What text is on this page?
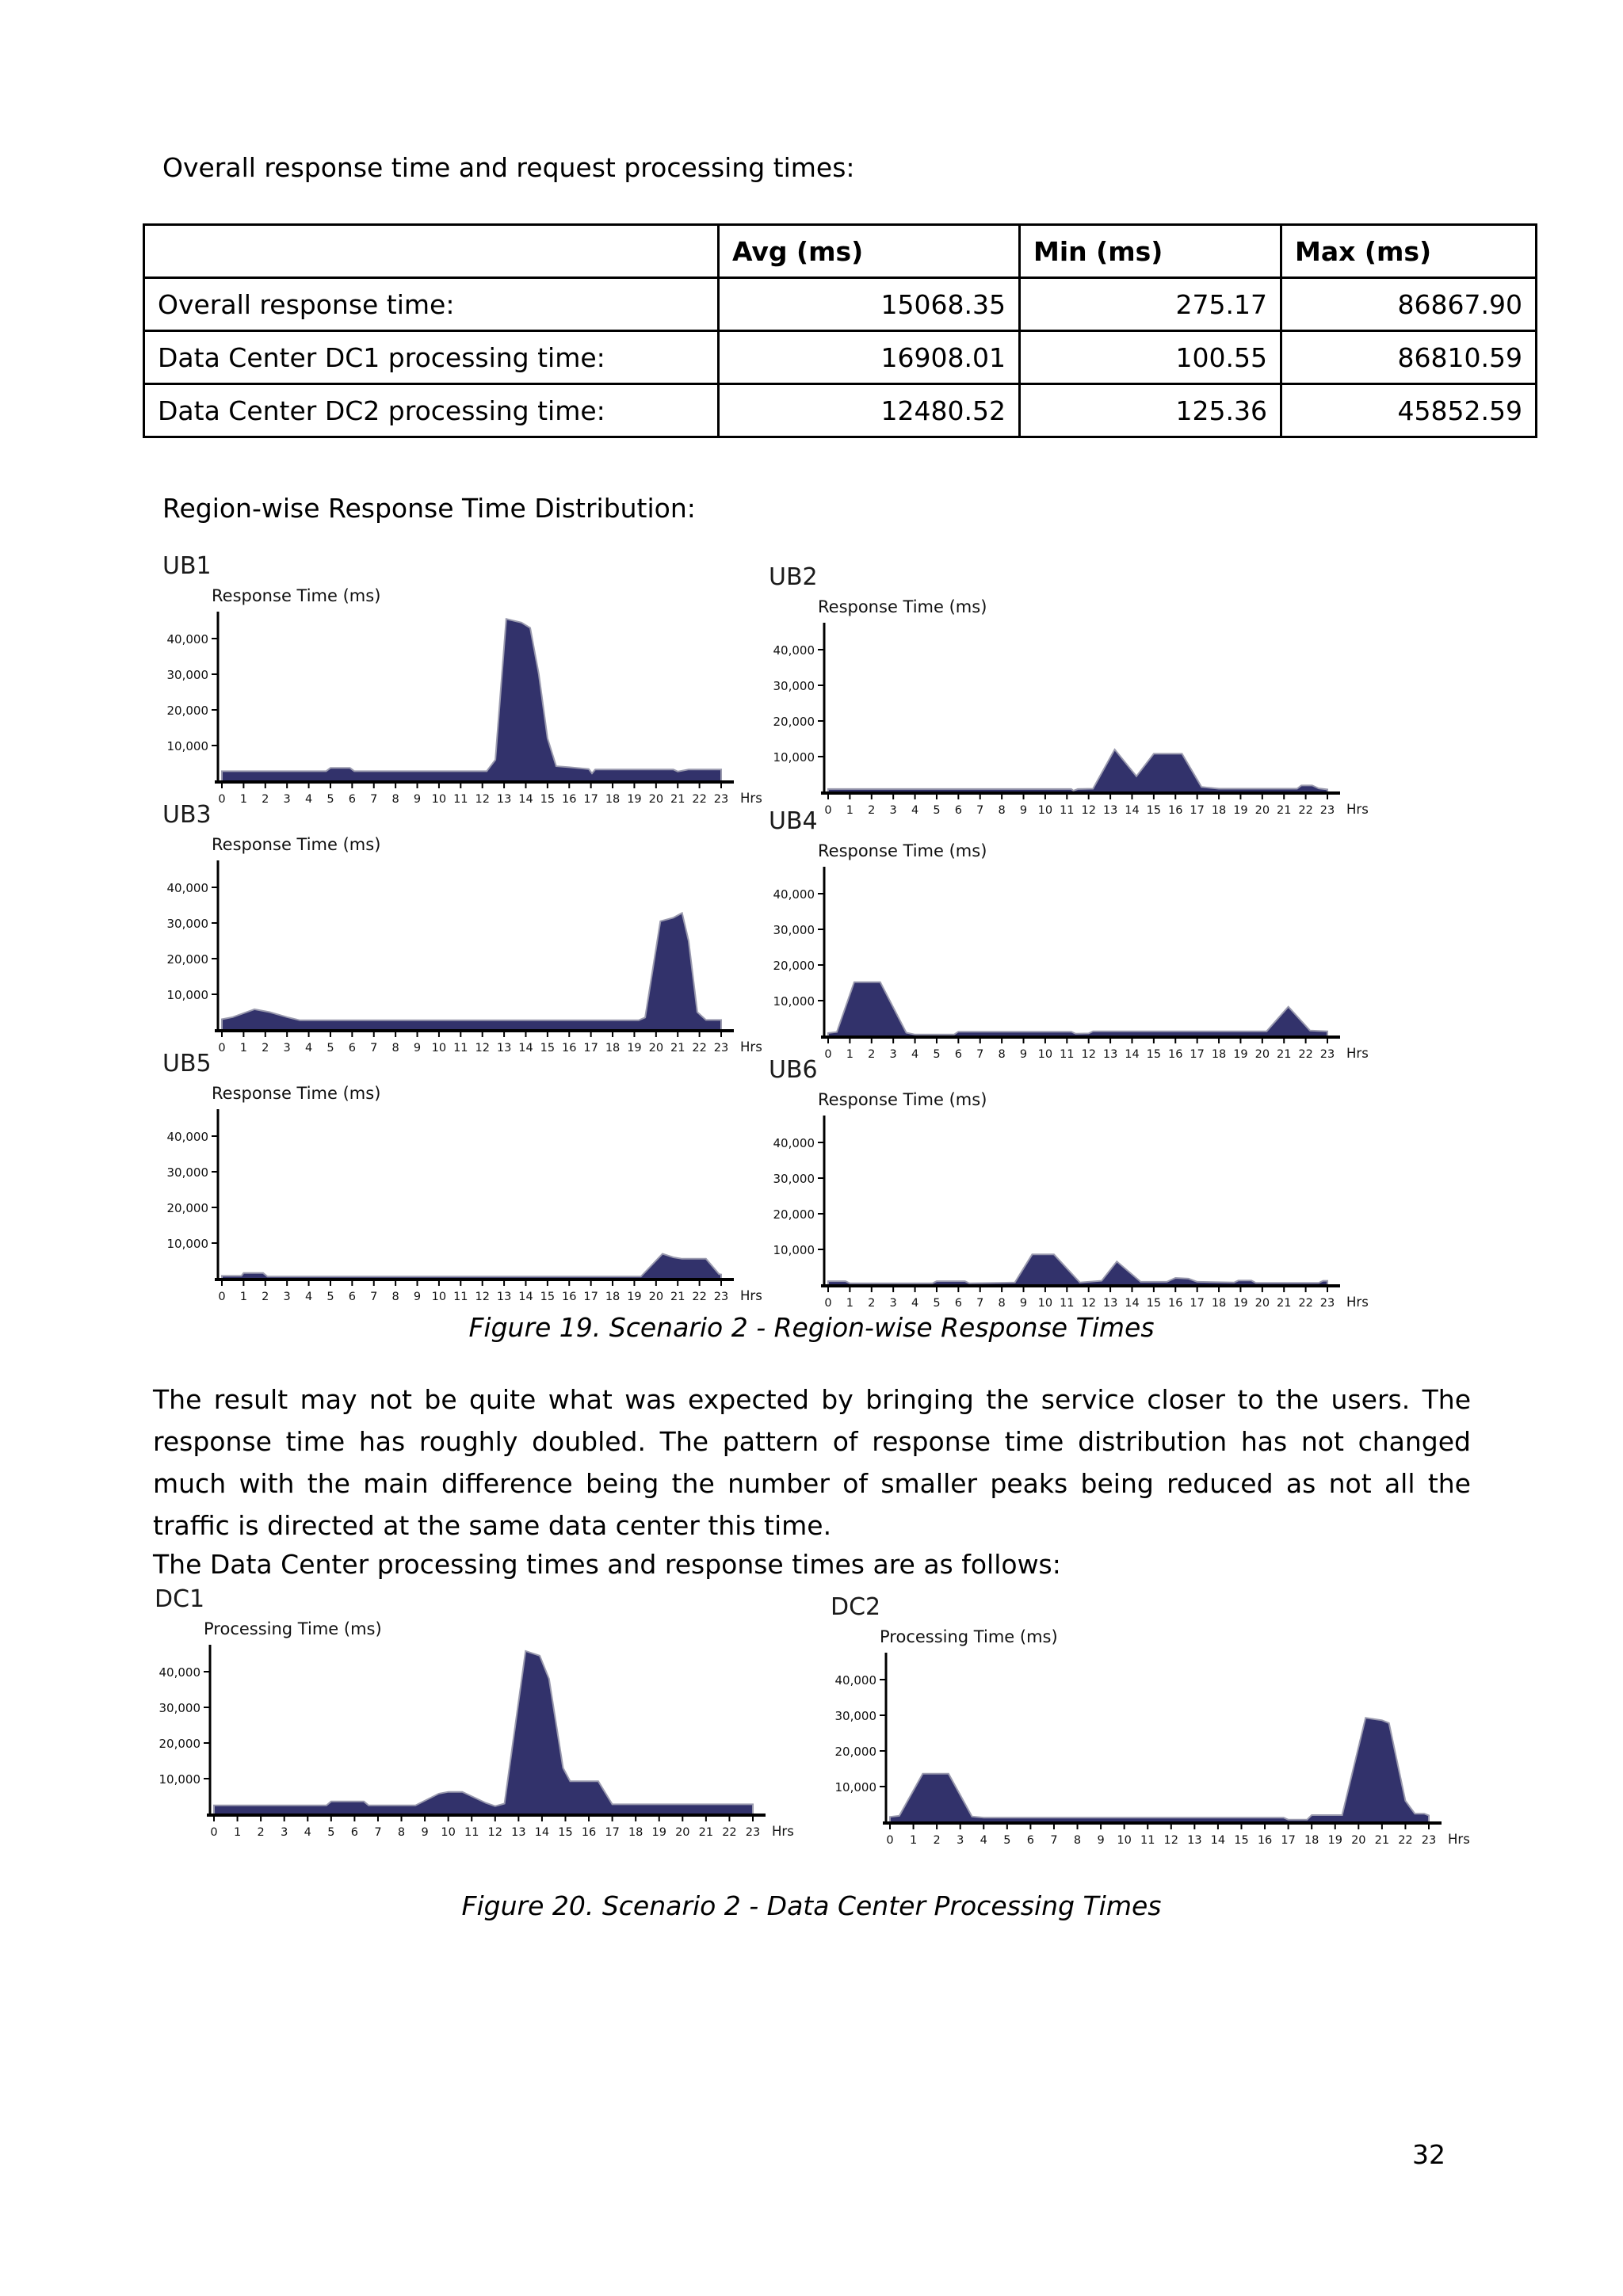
Overall response time and request processing times:
	Avg (ms)	Min (ms)	Max (ms)
Overall response time:	15068.35	275.17	86867.90
Data Center DC1 processing time:	16908.01	100.55	86810.59
Data Center DC2 processing time:	12480.52	125.36	45852.59
Region-wise Response Time Distribution:
UB1
Response Time (ms)
10,000
20,000
30,000
40,000
0 1 2 3 4 5 6 7 8 9 10 11 12 13 14 15 16 17 18 19 20 21 22 23 Hrs
UB2
Response Time (ms)
10,000
20,000
30,000
40,000
0 1 2 3 4 5 6 7 8 9 10 11 12 13 14 15 16 17 18 19 20 21 22 23 Hrs
UB3
Response Time (ms)
10,000
20,000
30,000
40,000
0 1 2 3 4 5 6 7 8 9 10 11 12 13 14 15 16 17 18 19 20 21 22 23 Hrs
UB4
Response Time (ms)
10,000
20,000
30,000
40,000
0 1 2 3 4 5 6 7 8 9 10 11 12 13 14 15 16 17 18 19 20 21 22 23 Hrs
UB5
Response Time (ms)
10,000
20,000
30,000
40,000
0 1 2 3 4 5 6 7 8 9 10 11 12 13 14 15 16 17 18 19 20 21 22 23 Hrs
UB6
Response Time (ms)
10,000
20,000
30,000
40,000
0 1 2 3 4 5 6 7 8 9 10 11 12 13 14 15 16 17 18 19 20 21 22 23 Hrs
Figure 19. Scenario 2 - Region-wise Response Times
The result may not be quite what was expected by bringing the service closer to the users. The response time has roughly doubled. The pattern of response time distribution has not changed much with the main difference being the number of smaller peaks being reduced as not all the traffic is directed at the same data center this time.
The Data Center processing times and response times are as follows:
DC1
Processing Time (ms)
10,000
20,000
30,000
40,000
0 1 2 3 4 5 6 7 8 9 10 11 12 13 14 15 16 17 18 19 20 21 22 23 Hrs
DC2
Processing Time (ms)
10,000
20,000
30,000
40,000
0 1 2 3 4 5 6 7 8 9 10 11 12 13 14 15 16 17 18 19 20 21 22 23 Hrs
Figure 20. Scenario 2 - Data Center Processing Times
32
